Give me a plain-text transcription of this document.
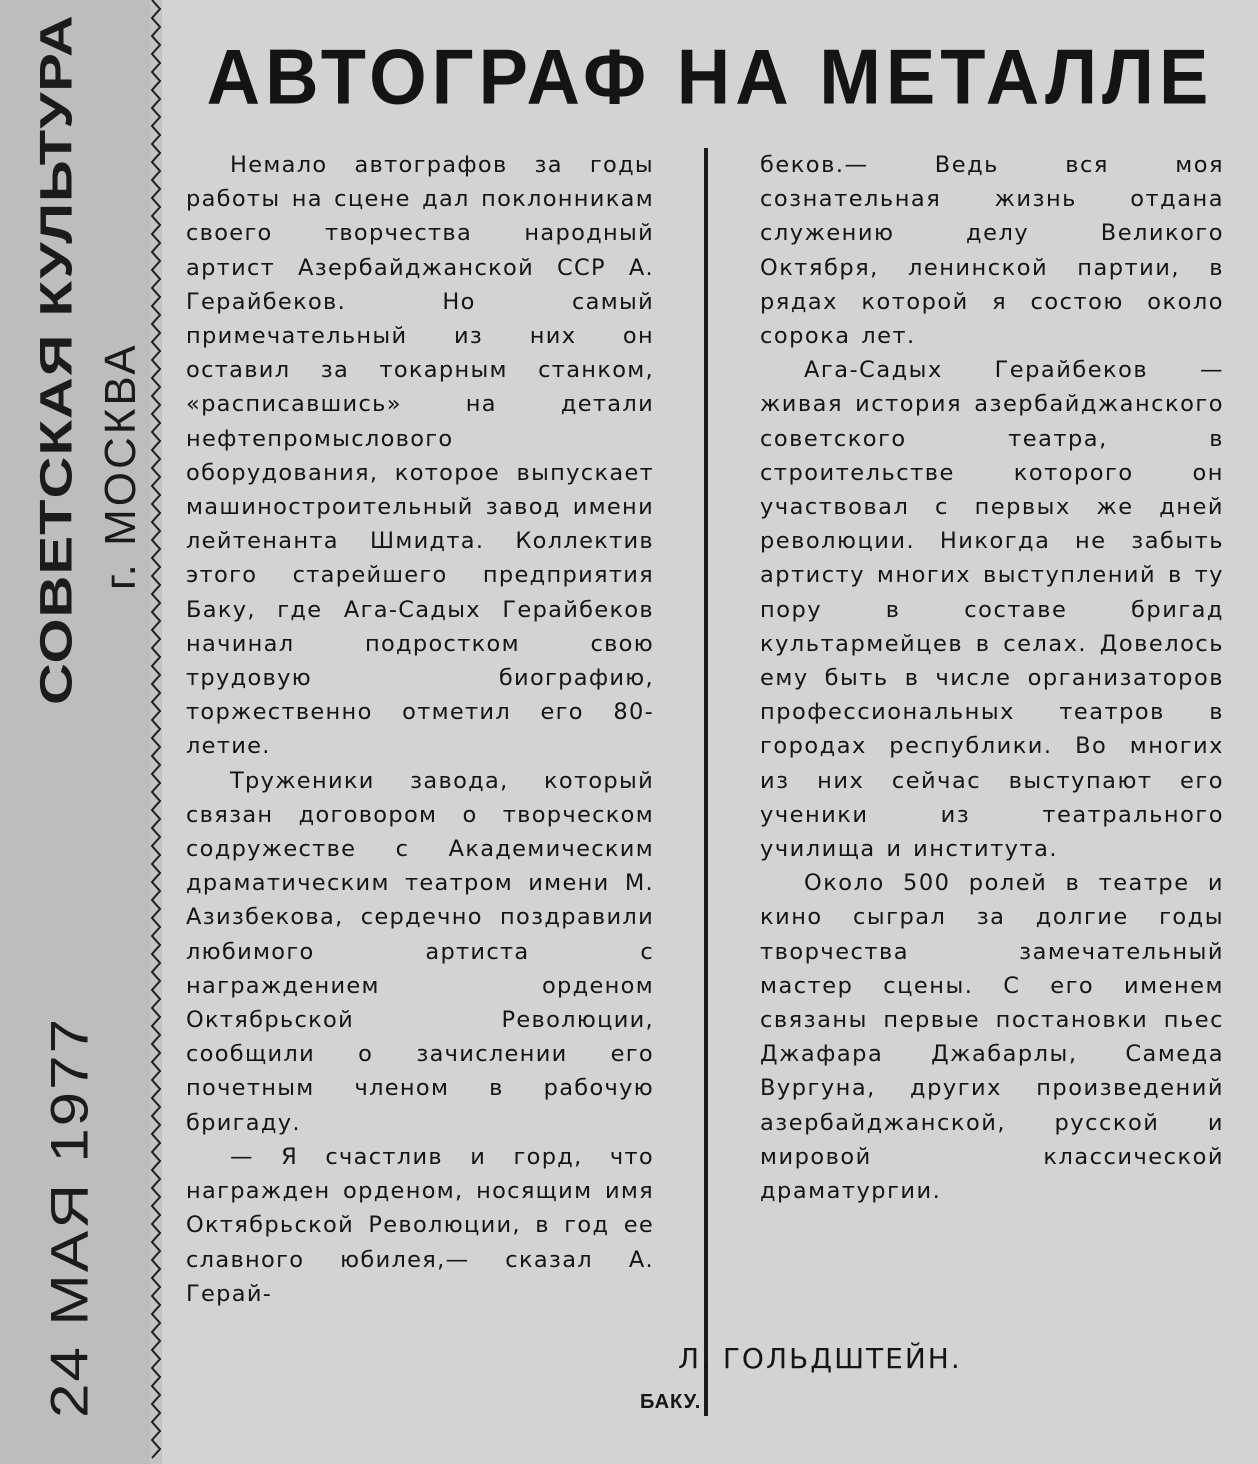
СОВЕТСКАЯ КУЛЬТУРА г. МОСКВА
24 МАЯ 1977
АВТОГРАФ НА МЕТАЛЛЕ

Немало автографов за годы работы на сцене дал поклонникам своего творчества народный артист Азербайджанской ССР А. Герайбеков. Но самый примечательный из них он оставил за токарным станком, «расписавшись» на детали нефтепромыслового оборудования, которое выпускает машиностроительный завод имени лейтенанта Шмидта. Коллектив этого старейшего предприятия Баку, где Ага-Садых Герайбеков начинал подростком свою трудовую биографию, торжественно отметил его 80-летие.

Труженики завода, который связан договором о творческом содружестве с Академическим драматическим театром имени М. Азизбекова, сердечно поздравили любимого артиста с награждением орденом Октябрьской Революции, сообщили о зачислении его почетным членом в рабочую бригаду.

— Я счастлив и горд, что награжден орденом, носящим имя Октябрьской Революции, в год ее славного юбилея,— сказал А. Герай-

беков.— Ведь вся моя сознательная жизнь отдана служению делу Великого Октября, ленинской партии, в рядах которой я состою около сорока лет.

Ага-Садых Герайбеков — живая история азербайджанского советского театра, в строительстве которого он участвовал с первых же дней революции. Никогда не забыть артисту многих выступлений в ту пору в составе бригад культармейцев в селах. Довелось ему быть в числе организаторов профессиональных театров в городах республики. Во многих из них сейчас выступают его ученики из театрального училища и института.

Около 500 ролей в театре и кино сыграл за долгие годы творчества замечательный мастер сцены. С его именем связаны первые постановки пьес Джафара Джабарлы, Самеда Вургуна, других произведений азербайджанской, русской и мировой классической драматургии.

Л. ГОЛЬДШТЕЙН.
БАКУ.
